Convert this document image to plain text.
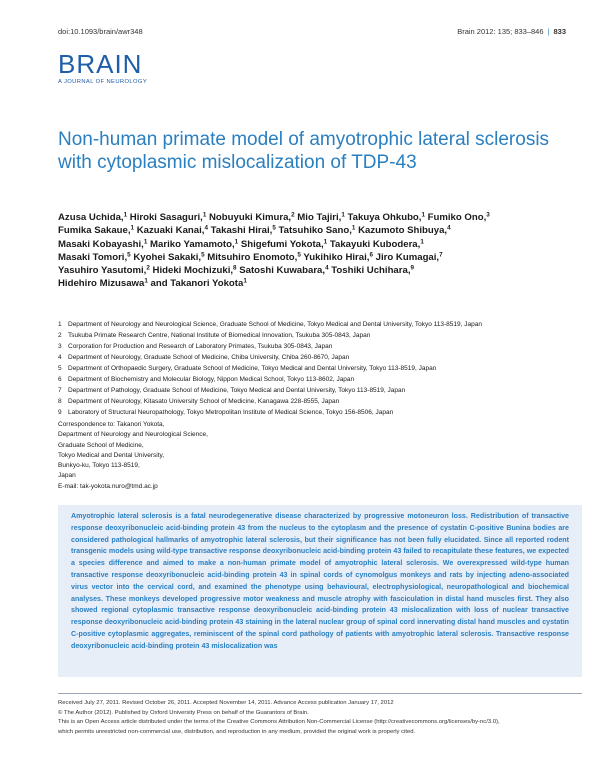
doi:10.1093/brain/awr348	Brain 2012: 135; 833–846 | 833
BRAIN
A JOURNAL OF NEUROLOGY
Non-human primate model of amyotrophic lateral sclerosis with cytoplasmic mislocalization of TDP-43
Azusa Uchida,$^1$ Hiroki Sasaguri,$^1$ Nobuyuki Kimura,$^2$ Mio Tajiri,$^1$ Takuya Ohkubo,$^1$ Fumiko Ono,$^3$
Fumika Sakaue,$^1$ Kazuaki Kanai,$^4$ Takashi Hirai,$^5$ Tatsuhiko Sano,$^1$ Kazumoto Shibuya,$^4$
Masaki Kobayashi,$^1$ Mariko Yamamoto,$^1$ Shigefumi Yokota,$^1$ Takayuki Kubodera,$^1$
Masaki Tomori,$^5$ Kyohei Sakaki,$^5$ Mitsuhiro Enomoto,$^5$ Yukihiko Hirai,$^6$ Jiro Kumagai,$^7$
Yasuhiro Yasutomi,$^2$ Hideki Mochizuki,$^8$ Satoshi Kuwabara,$^4$ Toshiki Uchihara,$^9$
Hidehiro Mizusawa$^1$ and Takanori Yokota$^1$
1 Department of Neurology and Neurological Science, Graduate School of Medicine, Tokyo Medical and Dental University, Tokyo 113-8519, Japan
2 Tsukuba Primate Research Centre, National Institute of Biomedical Innovation, Tsukuba 305-0843, Japan
3 Corporation for Production and Research of Laboratory Primates, Tsukuba 305-0843, Japan
4 Department of Neurology, Graduate School of Medicine, Chiba University, Chiba 260-8670, Japan
5 Department of Orthopaedic Surgery, Graduate School of Medicine, Tokyo Medical and Dental University, Tokyo 113-8519, Japan
6 Department of Biochemistry and Molecular Biology, Nippon Medical School, Tokyo 113-8602, Japan
7 Department of Pathology, Graduate School of Medicine, Tokyo Medical and Dental University, Tokyo 113-8519, Japan
8 Department of Neurology, Kitasato University School of Medicine, Kanagawa 228-8555, Japan
9 Laboratory of Structural Neuropathology, Tokyo Metropolitan Institute of Medical Science, Tokyo 156-8506, Japan
Correspondence to: Takanori Yokota,
Department of Neurology and Neurological Science,
Graduate School of Medicine,
Tokyo Medical and Dental University,
Bunkyo-ku, Tokyo 113-8519,
Japan
E-mail: tak-yokota.nuro@tmd.ac.jp
Amyotrophic lateral sclerosis is a fatal neurodegenerative disease characterized by progressive motoneuron loss. Redistribution of transactive response deoxyribonucleic acid-binding protein 43 from the nucleus to the cytoplasm and the presence of cystatin C-positive Bunina bodies are considered pathological hallmarks of amyotrophic lateral sclerosis, but their significance has not been fully elucidated. Since all reported rodent transgenic models using wild-type transactive response deoxyribonucleic acid-binding protein 43 failed to recapitulate these features, we expected a species difference and aimed to make a non-human primate model of amyotrophic lateral sclerosis. We overexpressed wild-type human transactive response deoxyribonucleic acid-binding protein 43 in spinal cords of cynomolgus monkeys and rats by injecting adeno-associated virus vector into the cervical cord, and examined the phenotype using behavioural, electrophysiological, neuropathological and biochemical analyses. These monkeys developed progressive motor weakness and muscle atrophy with fasciculation in distal hand muscles first. They also showed regional cytoplasmic transactive response deoxyribonucleic acid-binding protein 43 mislocalization with loss of nuclear transactive response deoxyribonucleic acid-binding protein 43 staining in the lateral nuclear group of spinal cord innervating distal hand muscles and cystatin C-positive cytoplasmic aggregates, reminiscent of the spinal cord pathology of patients with amyotrophic lateral sclerosis. Transactive response deoxyribonucleic acid-binding protein 43 mislocalization was
Received July 27, 2011. Revised October 26, 2011. Accepted November 14, 2011. Advance Access publication January 17, 2012
© The Author (2012). Published by Oxford University Press on behalf of the Guarantors of Brain.
This is an Open Access article distributed under the terms of the Creative Commons Attribution Non-Commercial License (http://creativecommons.org/licenses/by-nc/3.0),
which permits unrestricted non-commercial use, distribution, and reproduction in any medium, provided the original work is properly cited.
